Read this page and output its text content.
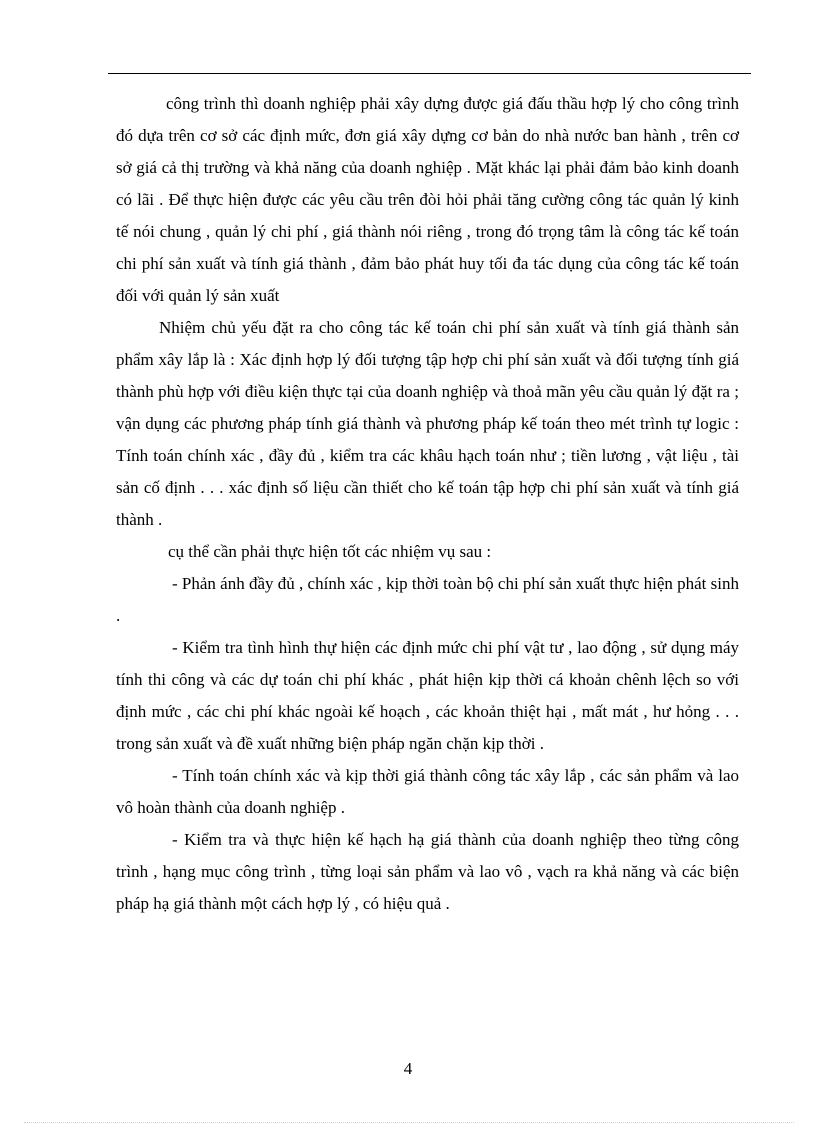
công trình thì doanh nghiệp phải xây dựng được giá đấu thầu hợp lý cho công trình đó dựa trên cơ sở các định mức, đơn giá xây dựng cơ bản do nhà nước ban hành , trên cơ sở giá cả thị trường và khả năng của doanh nghiệp . Mặt khác lại phải đảm bảo kinh doanh có lãi . Để thực hiện được các yêu cầu trên đòi hỏi phải tăng cường công tác quản lý kinh tế nói chung , quản lý chi phí , giá thành nói riêng , trong đó trọng tâm là công tác kế toán chi phí sản xuất và tính giá thành , đảm bảo phát huy tối đa tác dụng của công tác kế toán đối với quản lý sản xuất

Nhiệm chủ yếu đặt ra cho công tác kế toán chi phí sản xuất và tính giá thành sản phẩm xây lắp là : Xác định hợp lý đối tượng tập hợp chi phí sản xuất và đối tượng tính giá thành phù hợp với điều kiện thực tại của doanh nghiệp và thoả mãn yêu cầu quản lý đặt ra ; vận dụng các phương pháp tính giá thành và phương pháp kế toán theo mét trình tự logic : Tính toán chính xác , đầy đủ , kiểm tra các khâu hạch toán như ; tiền lương , vật liệu , tài sản cố định . . . xác định số liệu cần thiết cho kế toán tập hợp chi phí sản xuất và tính giá thành .

cụ thể cần phải thực hiện tốt các nhiệm vụ sau :

- Phản ánh đầy đủ , chính xác , kịp thời toàn bộ chi phí sản xuất thực hiện phát sinh .

- Kiểm tra tình hình thự hiện các định mức chi phí vật tư , lao động , sử dụng máy tính thi công và các dự toán chi phí khác , phát hiện kịp thời cá khoản chênh lệch so với định mức , các chi phí khác ngoài kế hoạch , các khoản thiệt hại , mất mát , hư hỏng . . . trong sản xuất và đề xuất những biện pháp ngăn chặn kịp thời .

- Tính toán chính xác và kịp thời giá thành công tác xây lắp , các sản phẩm và lao vô hoàn thành của doanh nghiệp .

- Kiểm tra và thực hiện kế hạch hạ giá thành của doanh nghiệp theo từng công trình , hạng mục công trình , từng loại sản phẩm và lao vô , vạch ra khả năng và các biện pháp hạ giá thành một cách hợp lý , có hiệu quả .

4
